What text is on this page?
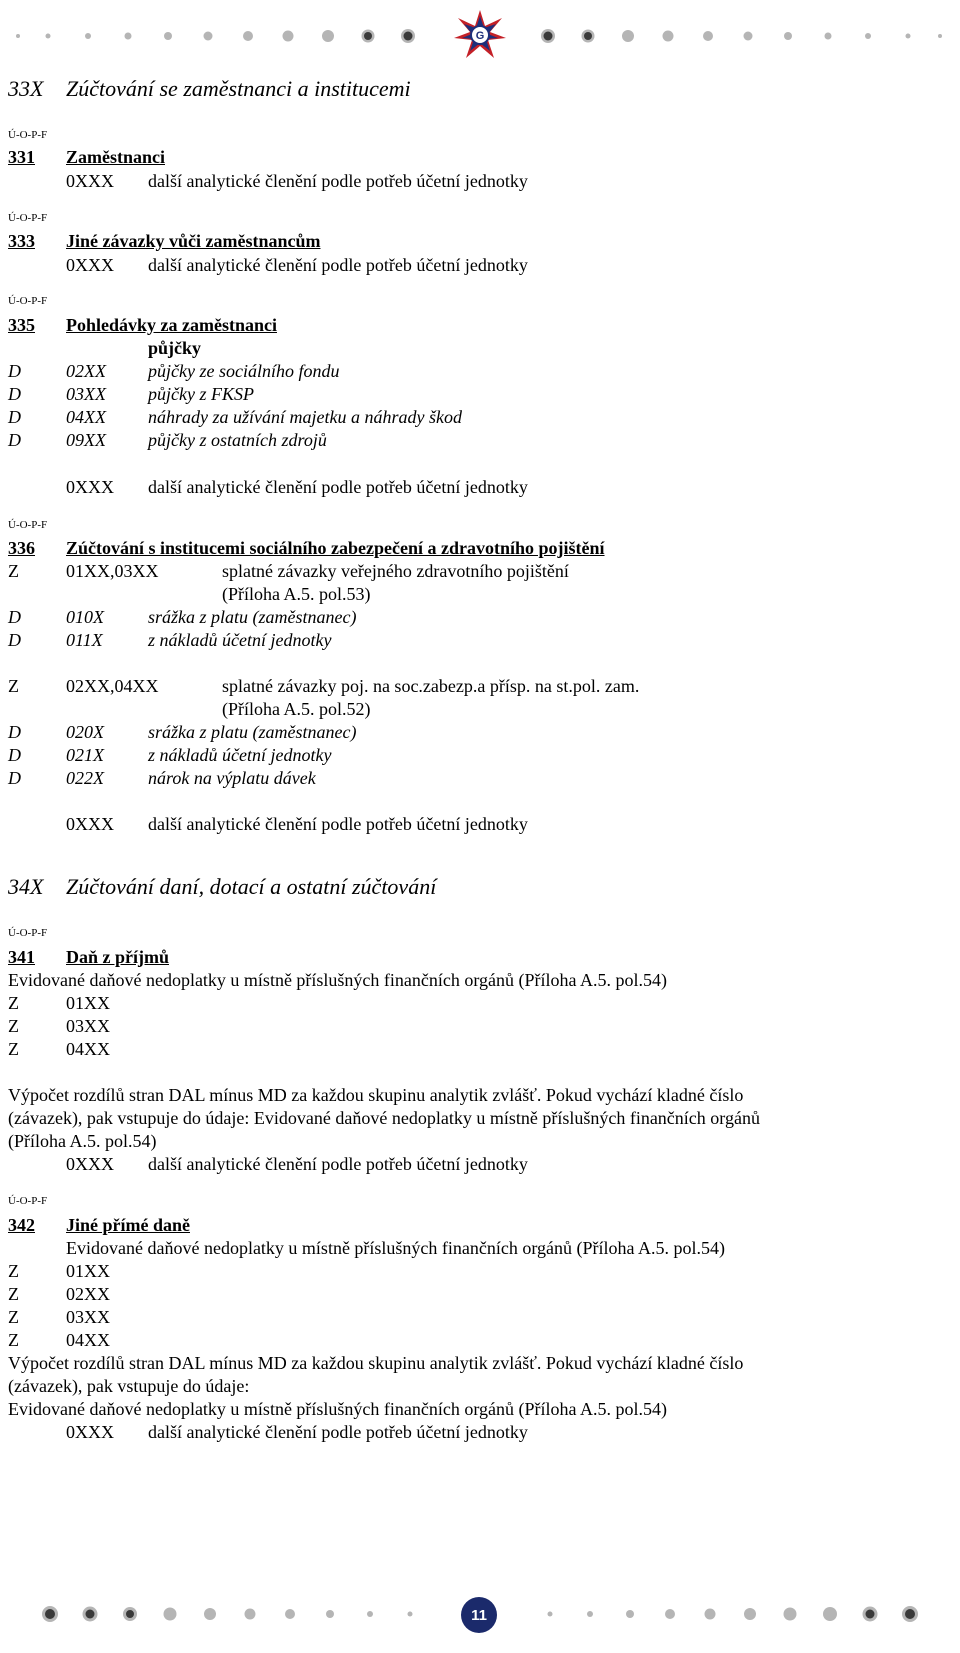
G
33X Zúčtování se zaměstnanci a institucemi
Ú-O-P-F
331	Zaměstnanci
0XXX další analytické členění podle potřeb účetní jednotky
Ú-O-P-F
333	Jiné závazky vůči zaměstnancům
0XXX další analytické členění podle potřeb účetní jednotky
Ú-O-P-F
335	Pohledávky za zaměstnanci
půjčky
D	02XX půjčky ze sociálního fondu
D	03XX půjčky z FKSP
D	04XX náhrady za užívání majetku a náhrady škod
D	09XX půjčky z ostatních zdrojů
0XXX další analytické členění podle potřeb účetní jednotky
Ú-O-P-F
336	Zúčtování s institucemi sociálního zabezpečení a zdravotního pojištění
Z	01XX,03XX	splatné závazky veřejného zdravotního pojištění
(Příloha A.5. pol.53)
D	010X srážka z platu (zaměstnanec)
D	011X	z nákladů účetní jednotky
Z	02XX,04XX	splatné závazky poj. na soc.zabezp.a přísp. na st.pol. zam.
(Příloha A.5. pol.52)
D	020X srážka z platu (zaměstnanec)
D	021X z nákladů účetní jednotky
D	022X nárok na výplatu dávek
0XXX další analytické členění podle potřeb účetní jednotky
34X Zúčtování daní, dotací a ostatní zúčtování
Ú-O-P-F
341	Daň z příjmů
Evidované daňové nedoplatky u místně příslušných finančních orgánů (Příloha A.5. pol.54)
Z	01XX
Z	03XX
Z	04XX
Výpočet rozdílů stran DAL mínus MD za každou skupinu analytik zvlášť. Pokud vychází kladné číslo
(závazek), pak vstupuje do údaje: Evidované daňové nedoplatky u místně příslušných finančních orgánů
(Příloha A.5. pol.54)
0XXX další analytické členění podle potřeb účetní jednotky
Ú-O-P-F
342	Jiné přímé daně
Evidované daňové nedoplatky u místně příslušných finančních orgánů (Příloha A.5. pol.54)
Z	01XX
Z	02XX
Z	03XX
Z	04XX
Výpočet rozdílů stran DAL mínus MD za každou skupinu analytik zvlášť. Pokud vychází kladné číslo
(závazek), pak vstupuje do údaje:
Evidované daňové nedoplatky u místně příslušných finančních orgánů (Příloha A.5. pol.54)
0XXX další analytické členění podle potřeb účetní jednotky
11
